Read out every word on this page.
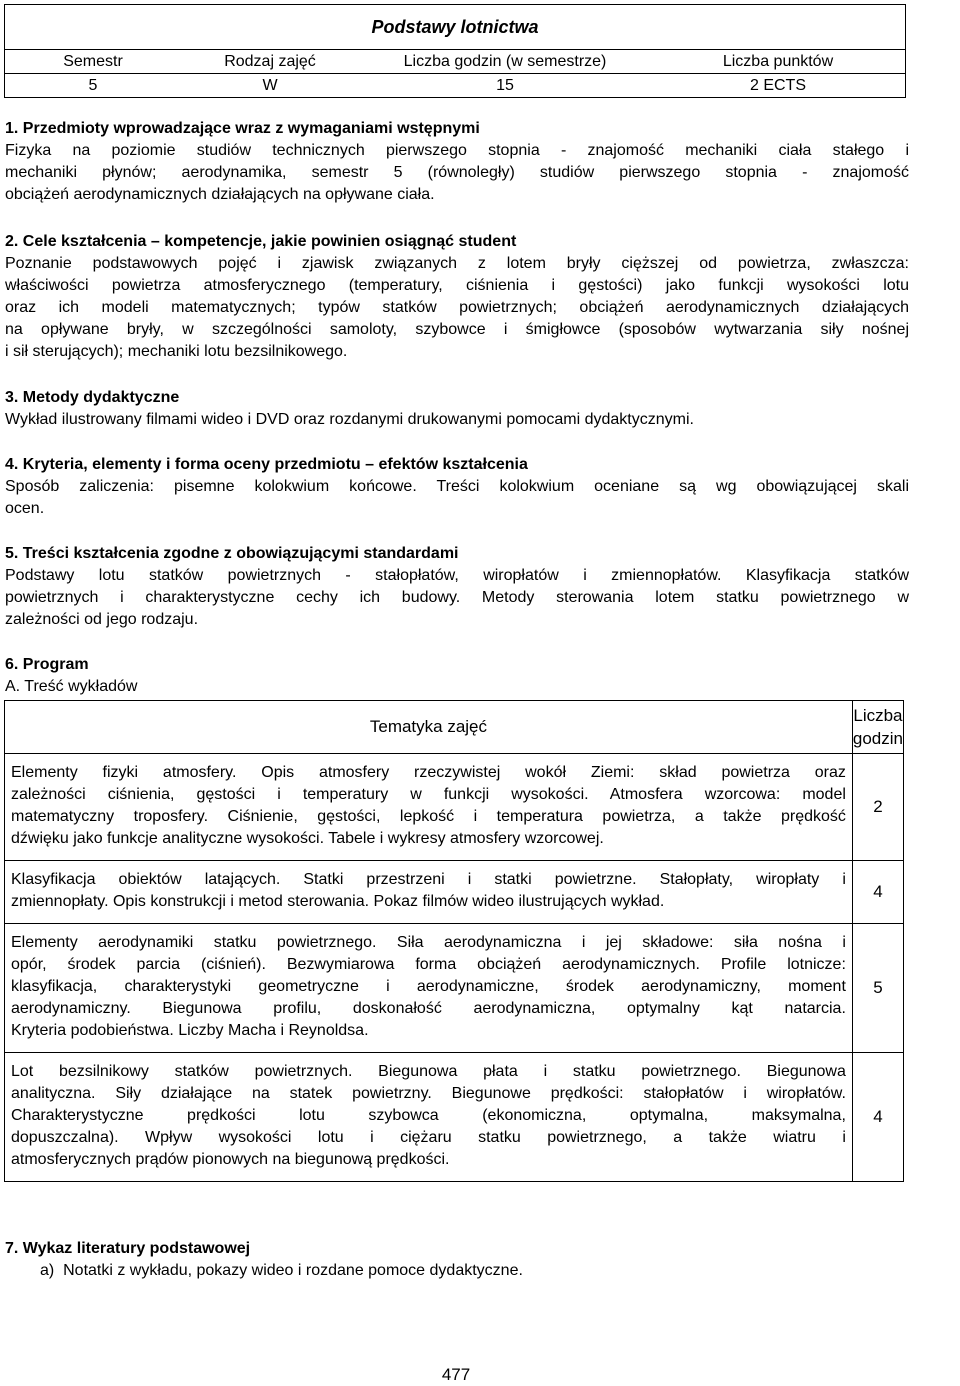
Podstawy lotnictwa
Semestr	Rodzaj zajęć	Liczba godzin (w semestrze)	Liczba punktów
5	W	15	2 ECTS
1. Przedmioty wprowadzające wraz z wymaganiami wstępnymi
Fizyka na poziomie studiów technicznych pierwszego stopnia - znajomość mechaniki ciała stałego i
mechaniki płynów; aerodynamika, semestr 5 (równoległy) studiów pierwszego stopnia - znajomość
obciążeń aerodynamicznych działających na opływane ciała.
2. Cele kształcenia – kompetencje, jakie powinien osiągnąć student
Poznanie podstawowych pojęć i zjawisk związanych z lotem bryły cięższej od powietrza, zwłaszcza:
właściwości powietrza atmosferycznego (temperatury, ciśnienia i gęstości) jako funkcji wysokości lotu
oraz ich modeli matematycznych; typów statków powietrznych; obciążeń aerodynamicznych działających
na opływane bryły, w szczególności samoloty, szybowce i śmigłowce (sposobów wytwarzania siły nośnej
i sił sterujących); mechaniki lotu bezsilnikowego.
3. Metody dydaktyczne
Wykład ilustrowany filmami wideo i DVD oraz rozdanymi drukowanymi pomocami dydaktycznymi.
4. Kryteria, elementy i forma oceny przedmiotu – efektów kształcenia
Sposób zaliczenia: pisemne kolokwium końcowe. Treści kolokwium oceniane są wg obowiązującej skali
ocen.
5. Treści kształcenia zgodne z obowiązującymi standardami
Podstawy lotu statków powietrznych - stałopłatów, wiropłatów i zmiennopłatów. Klasyfikacja statków
powietrznych i charakterystyczne cechy ich budowy. Metody sterowania lotem statku powietrznego w
zależności od jego rodzaju.
6. Program
A. Treść wykładów
Tematyka zajęć	Liczba
godzin

Elementy fizyki atmosfery. Opis atmosfery rzeczywistej wokół Ziemi: skład powietrza oraz
zależności ciśnienia, gęstości i temperatury w funkcji wysokości. Atmosfera wzorcowa: model
matematyczny troposfery. Ciśnienie, gęstości, lepkość i temperatura powietrza, a także prędkość
dźwięku jako funkcje analityczne wysokości. Tabele i wykresy atmosfery wzorcowej.	2

Klasyfikacja obiektów latających. Statki przestrzeni i statki powietrzne. Stałopłaty, wiropłaty i
zmiennopłaty. Opis konstrukcji i metod sterowania. Pokaz filmów wideo ilustrujących wykład.	4

Elementy aerodynamiki statku powietrznego. Siła aerodynamiczna i jej składowe: siła nośna i
opór, środek parcia (ciśnień). Bezwymiarowa forma obciążeń aerodynamicznych. Profile lotnicze:
klasyfikacja, charakterystyki geometryczne i aerodynamiczne, środek aerodynamiczny, moment
aerodynamiczny. Biegunowa profilu, doskonałość aerodynamiczna, optymalny kąt natarcia.
Kryteria podobieństwa. Liczby Macha i Reynoldsa.	5

Lot bezsilnikowy statków powietrznych. Biegunowa płata i statku powietrznego. Biegunowa
analityczna. Siły działające na statek powietrzny. Biegunowe prędkości: stałopłatów i wiropłatów.
Charakterystyczne prędkości lotu szybowca (ekonomiczna, optymalna, maksymalna,
dopuszczalna). Wpływ wysokości lotu i ciężaru statku powietrznego, a także wiatru i
atmosferycznych prądów pionowych na biegunową prędkości.	4
7. Wykaz literatury podstawowej
a)  Notatki z wykładu, pokazy wideo i rozdane pomoce dydaktyczne.
477
